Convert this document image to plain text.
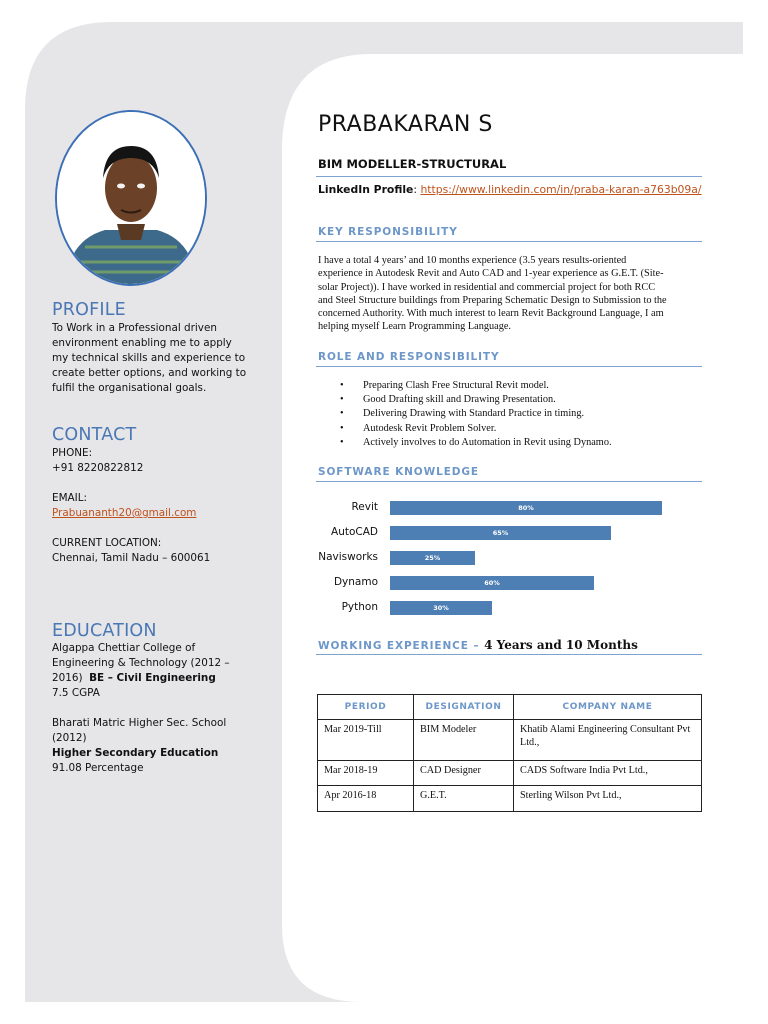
PROFILE
To Work in a Professional driven
environment enabling me to apply
my technical skills and experience to
create better options, and working to
fulfil the organisational goals.
CONTACT
PHONE:
+91 8220822812

EMAIL:
Prabuananth20@gmail.com

CURRENT LOCATION:
Chennai, Tamil Nadu – 600061
EDUCATION
Algappa Chettiar College of
Engineering & Technology (2012 –
2016) BE – Civil Engineering
7.5 CGPA

Bharati Matric Higher Sec. School
(2012)
Higher Secondary Education
91.08 Percentage
PRABAKARAN S
BIM MODELLER-STRUCTURAL
LinkedIn Profile: https://www.linkedin.com/in/praba-karan-a763b09a/
KEY RESPONSIBILITY
I have a total 4 years’ and 10 months experience (3.5 years results-oriented
experience in Autodesk Revit and Auto CAD and 1-year experience as G.E.T. (Site-
solar Project)). I have worked in residential and commercial project for both RCC
and Steel Structure buildings from Preparing Schematic Design to Submission to the
concerned Authority. With much interest to learn Revit Background Language, I am
helping myself Learn Programming Language.
ROLE AND RESPONSIBILITY
• Preparing Clash Free Structural Revit model.
• Good Drafting skill and Drawing Presentation.
• Delivering Drawing with Standard Practice in timing.
• Autodesk Revit Problem Solver.
• Actively involves to do Automation in Revit using Dynamo.
SOFTWARE KNOWLEDGE
Revit	80%
AutoCAD	65%
Navisworks	25%
Dynamo	60%
Python	30%
WORKING EXPERIENCE – 4 Years and 10 Months
PERIOD	DESIGNATION	COMPANY NAME
Mar 2019-Till	BIM Modeler	Khatib Alami Engineering Consultant Pvt Ltd.,
Mar 2018-19	CAD Designer	CADS Software India Pvt Ltd.,
Apr 2016-18	G.E.T.	Sterling Wilson Pvt Ltd.,
